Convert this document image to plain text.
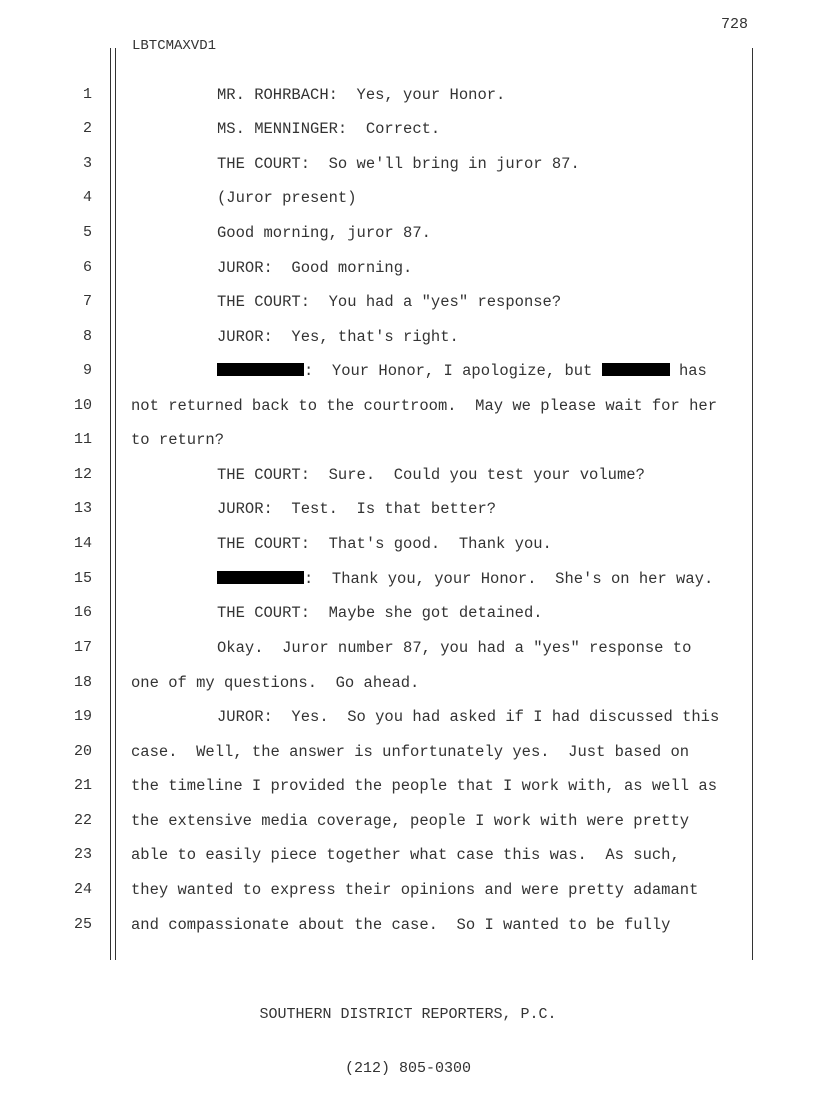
728
LBTCMAXVD1
1	MR. ROHRBACH:  Yes, your Honor.
2	MS. MENNINGER:  Correct.
3	THE COURT:  So we'll bring in juror 87.
4	(Juror present)
5	Good morning, juror 87.
6	JUROR:  Good morning.
7	THE COURT:  You had a "yes" response?
8	JUROR:  Yes, that's right.
9	:  Your Honor, I apologize, but	has
10	not returned back to the courtroom.  May we please wait for her
11	to return?
12	THE COURT:  Sure.  Could you test your volume?
13	JUROR:  Test.  Is that better?
14	THE COURT:  That's good.  Thank you.
15	:  Thank you, your Honor.  She's on her way.
16	THE COURT:  Maybe she got detained.
17	Okay.  Juror number 87, you had a "yes" response to
18	one of my questions.  Go ahead.
19	JUROR:  Yes.  So you had asked if I had discussed this
20	case.  Well, the answer is unfortunately yes.  Just based on
21	the timeline I provided the people that I work with, as well as
22	the extensive media coverage, people I work with were pretty
23	able to easily piece together what case this was.  As such,
24	they wanted to express their opinions and were pretty adamant
25	and compassionate about the case.  So I wanted to be fully

SOUTHERN DISTRICT REPORTERS, P.C.

(212) 805-0300
